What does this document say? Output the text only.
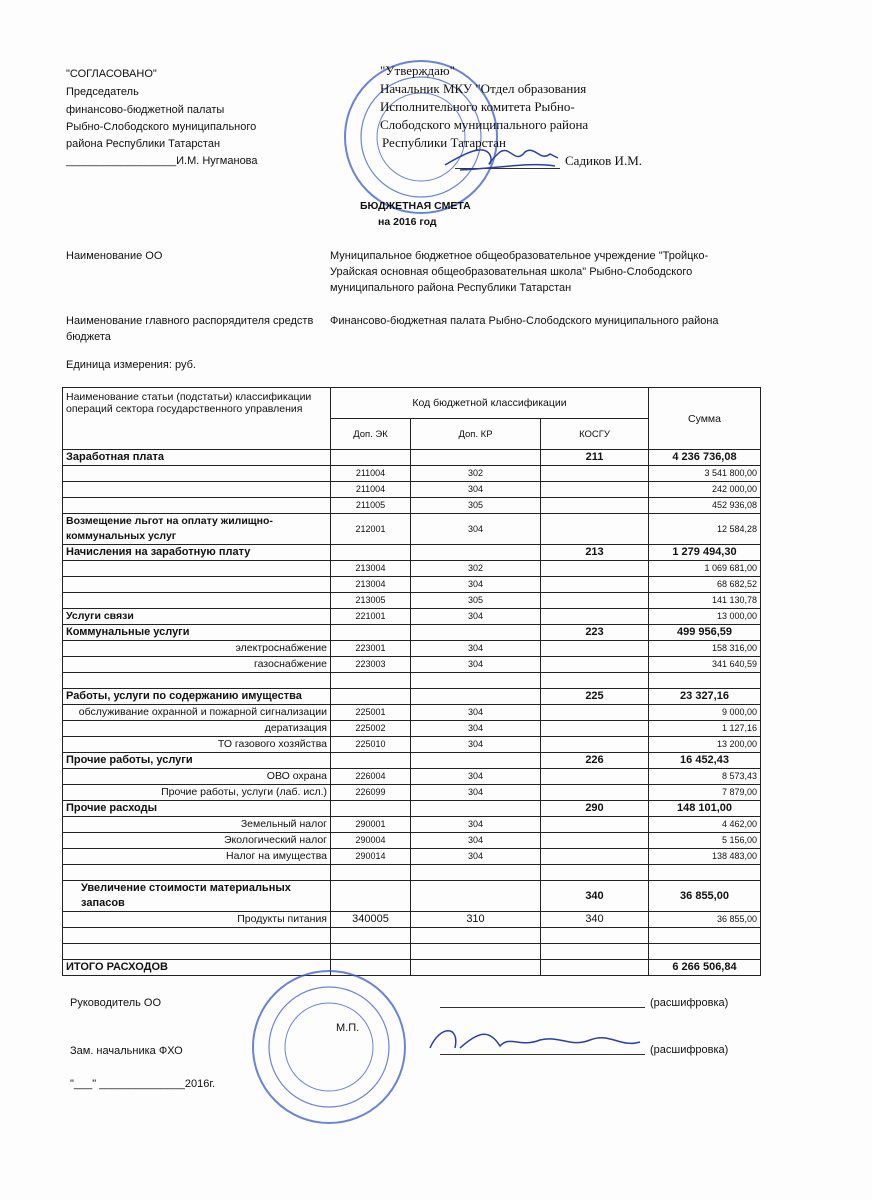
"СОГЛАСОВАНО"
Председатель
финансово-бюджетной палаты
Рыбно-Слободского муниципального
района Республики Татарстан
__________________И.М. Нугманова
"Утверждаю"
Начальник МКУ "Отдел образования
Исполнительного комитета Рыбно-
Слободского муниципального района
Республики Татарстан
Садиков И.М.
БЮДЖЕТНАЯ СМЕТА
на 2016 год
Наименование ОО	Муниципальное бюджетное общеобразовательное учреждение "Тройцко-Урайская основная общеобразовательная школа" Рыбно-Слободского муниципального района Республики Татарстан
Наименование главного распорядителя средств бюджета
Финансово-бюджетная палата Рыбно-Слободского муниципального района
Единица измерения: руб.
Наименование статьи (подстатьи) классификации операций сектора государственного управления	Код бюджетной классификации			Сумма
	Доп. ЭК	Доп. КР	КОСГУ	
Заработная плата			211	4 236 736,08
	211004	302		3 541 800,00
	211004	304		242 000,00
	211005	305		452 936,08
Возмещение льгот на оплату жилищно-коммунальных услуг	212001	304		12 584,28
Начисления на заработную плату			213	1 279 494,30
	213004	302		1 069 681,00
	213004	304		68 682,52
	213005	305		141 130,78
Услуги связи	221001	304		13 000,00
Коммунальные услуги			223	499 956,59
электроснабжение	223001	304		158 316,00
газоснабжение	223003	304		341 640,59

Работы, услуги по содержанию имущества			225	23 327,16
обслуживание охранной и пожарной сигнализации	225001	304		9 000,00
дератизация	225002	304		1 127,16
ТО газового хозяйства	225010	304		13 200,00
Прочие работы, услуги			226	16 452,43
ОВО охрана	226004	304		8 573,43
Прочие работы, услуги (лаб. исл.)	226099	304		7 879,00
Прочие расходы			290	148 101,00
Земельный налог	290001	304		4 462,00
Экологический налог	290004	304		5 156,00
Налог на имущества	290014	304		138 483,00

Увеличение стоимости материальных запасов			340	36 855,00
Продукты питания	340005	310	340	36 855,00

ИТОГО РАСХОДОВ				6 266 506,84
Руководитель ОО	(расшифровка)
М.П.
Зам. начальника ФХО	(расшифровка)
"___" ______________2016г.
